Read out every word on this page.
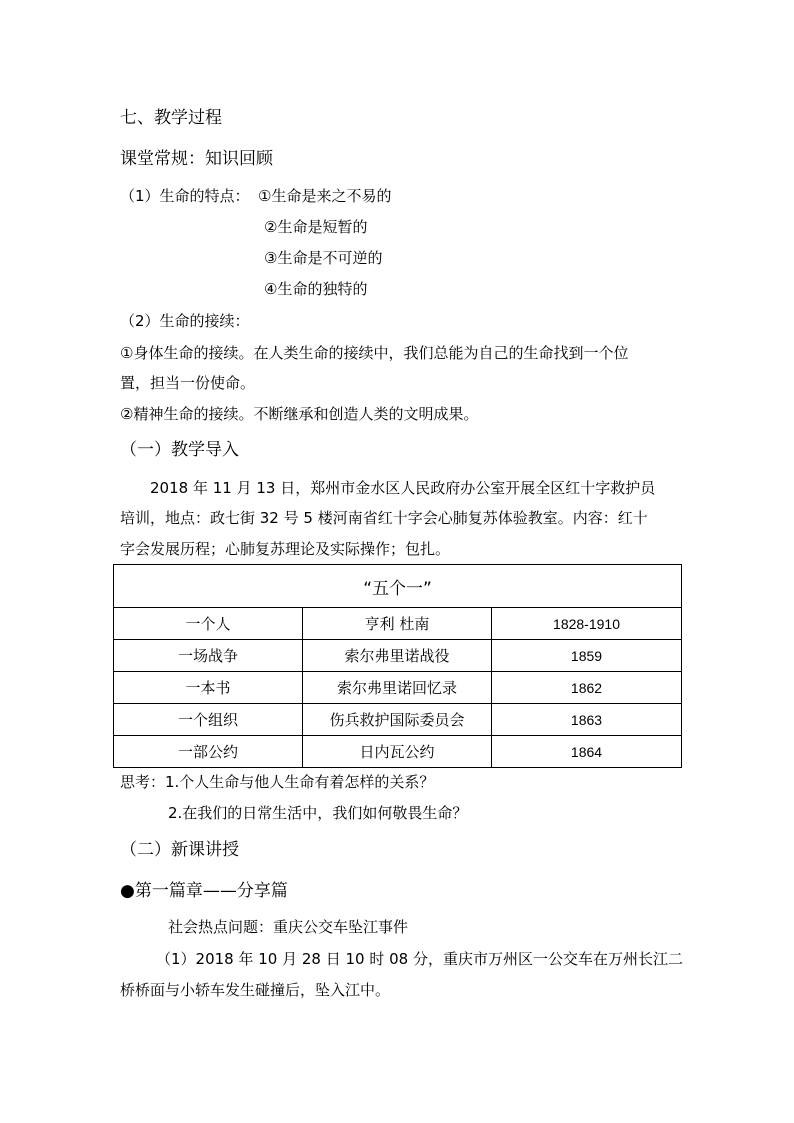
七、教学过程
课堂常规：知识回顾
（1）生命的特点： ①生命是来之不易的
②生命是短暂的
③生命是不可逆的
④生命的独特的
（2）生命的接续：
①身体生命的接续。在人类生命的接续中，我们总能为自己的生命找到一个位
置，担当一份使命。
②精神生命的接续。不断继承和创造人类的文明成果。
（一）教学导入
2018 年 11 月 13 日，郑州市金水区人民政府办公室开展全区红十字救护员
培训，地点：政七街 32 号 5 楼河南省红十字会心肺复苏体验教室。内容：红十
字会发展历程；心肺复苏理论及实际操作；包扎。
“五个一”		
一个人	亨利 杜南	1828-1910
一场战争	索尔弗里诺战役	1859
一本书	索尔弗里诺回忆录	1862
一个组织	伤兵救护国际委员会	1863
一部公约	日内瓦公约	1864
思考：1.个人生命与他人生命有着怎样的关系？
2.在我们的日常生活中，我们如何敬畏生命？
（二）新课讲授
●第一篇章——分享篇
社会热点问题：重庆公交车坠江事件
（1）2018 年 10 月 28 日 10 时 08 分，重庆市万州区一公交车在万州长江二
桥桥面与小轿车发生碰撞后，坠入江中。
